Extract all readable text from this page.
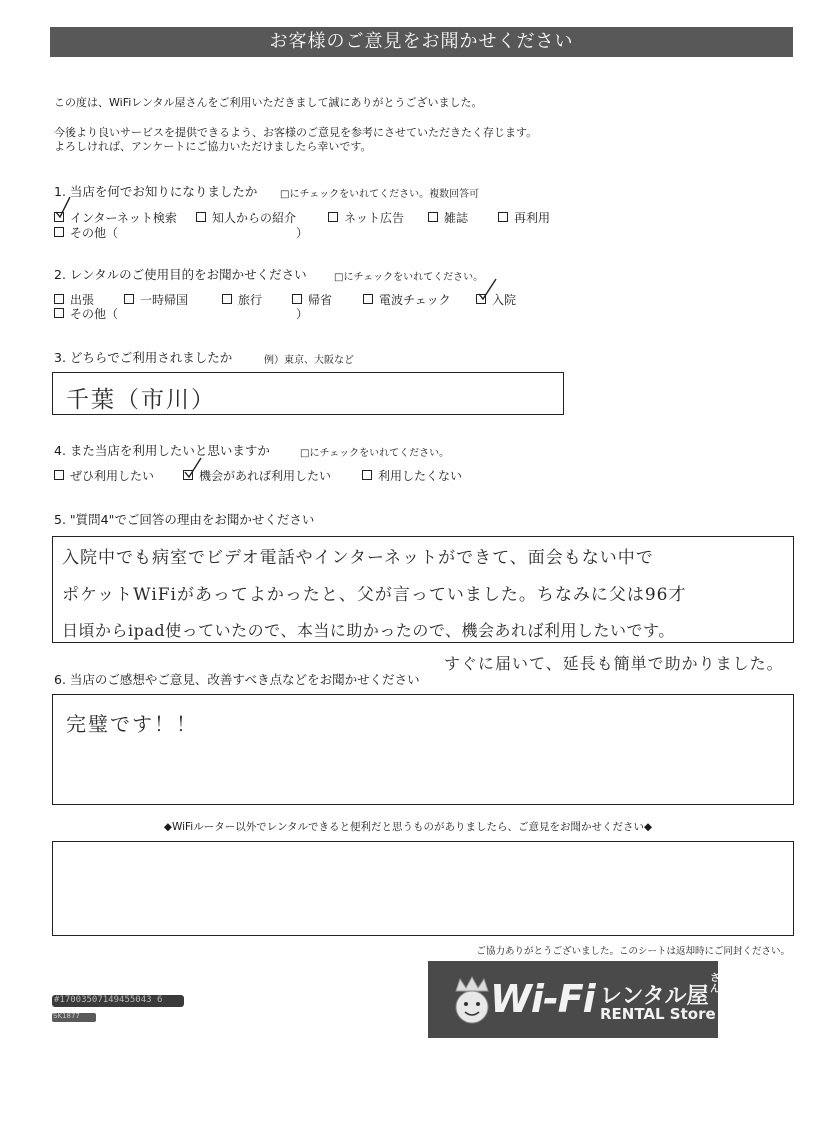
お客様のご意見をお聞かせください
この度は、WiFiレンタル屋さんをご利用いただきまして誠にありがとうございました。
今後より良いサービスを提供できるよう、お客様のご意見を参考にさせていただきたく存じます。
よろしければ、アンケートにご協力いただけましたら幸いです。
1. 当店を何でお知りになりましたか □にチェックをいれてください。複数回答可
インターネット検索	知人からの紹介	ネット広告	雑誌	再利用
その他（	）
2. レンタルのご使用目的をお聞かせください	□にチェックをいれてください。
出張	一時帰国	旅行	帰省	電波チェック	入院
その他（	）
3. どちらでご利用されましたか	例）東京、大阪など
千葉（市川）
4. また当店を利用したいと思いますか	□にチェックをいれてください。
ぜひ利用したい	機会があれば利用したい	利用したくない
5. "質問4"でご回答の理由をお聞かせください
入院中でも病室でビデオ電話やインターネットができて、面会もない中で
ポケットWiFiがあってよかったと、父が言っていました。ちなみに父は96才
日頃からipad使っていたので、本当に助かったので、機会あれば利用したいです。
すぐに届いて、延長も簡単で助かりました。
6. 当店のご感想やご意見、改善すべき点などをお聞かせください
完璧です！！
◆WiFiルーター以外でレンタルできると便利だと思うものがありましたら、ご意見をお聞かせください◆
ご協力ありがとうございました。このシートは返却時にご同封ください。
#17003507149455043 6
SK1877	Wi-Fi レンタル屋
さん
RENTAL Store
